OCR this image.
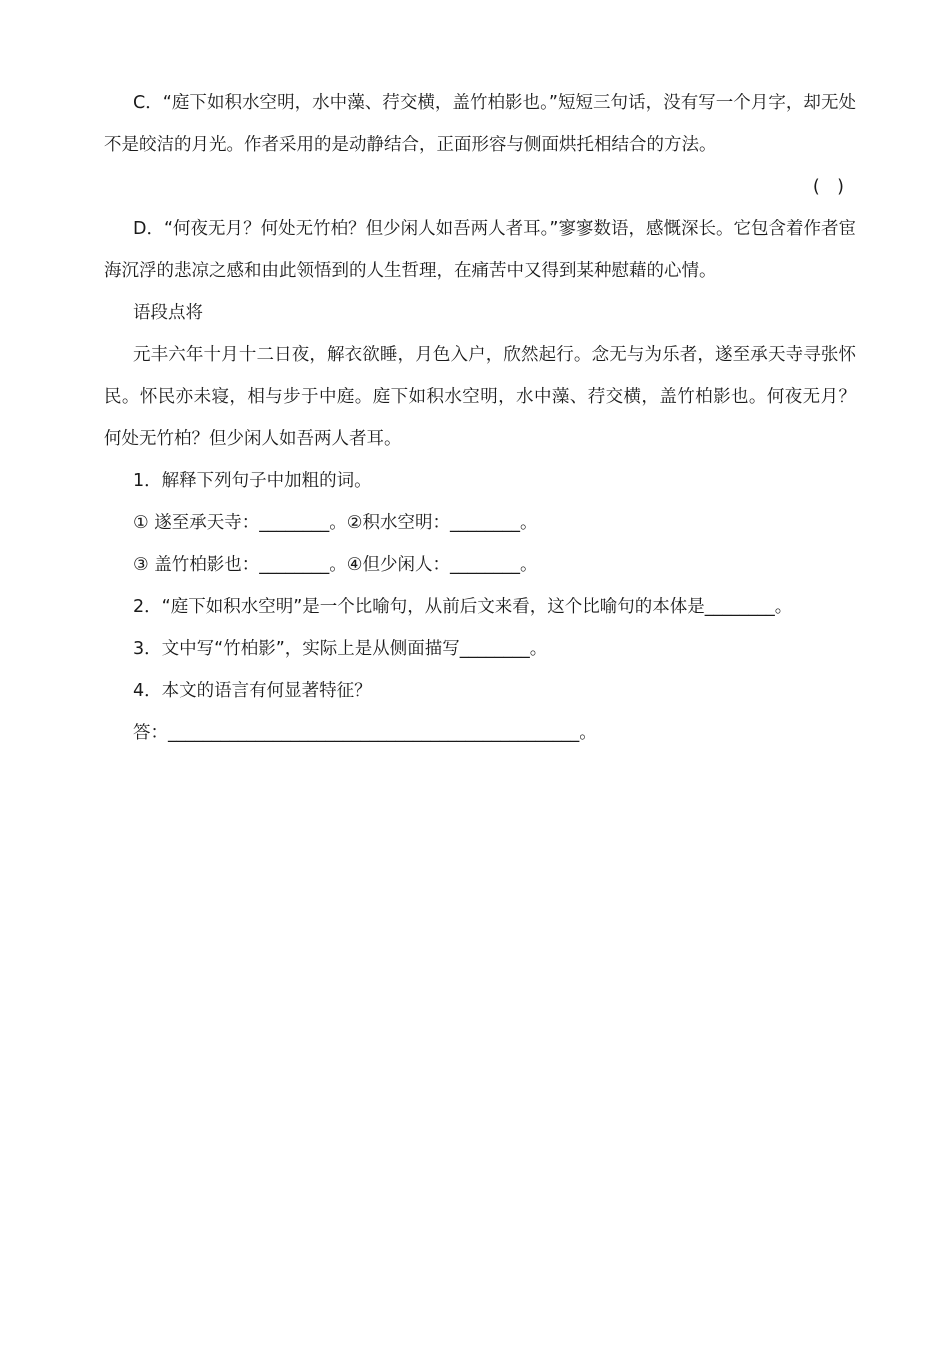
C．“庭下如积水空明，水中藻、荇交横，盖竹柏影也。”短短三句话，没有写一个月字，却无处不是皎洁的月光。作者采用的是动静结合，正面形容与侧面烘托相结合的方法。

(　)

D．“何夜无月？何处无竹柏？但少闲人如吾两人者耳。”寥寥数语，感慨深长。它包含着作者宦海沉浮的悲凉之感和由此领悟到的人生哲理，在痛苦中又得到某种慰藉的心情。

语段点将

元丰六年十月十二日夜，解衣欲睡，月色入户，欣然起行。念无与为乐者，遂至承天寺寻张怀民。怀民亦未寝，相与步于中庭。庭下如积水空明，水中藻、荇交横，盖竹柏影也。何夜无月？何处无竹柏？但少闲人如吾两人者耳。

1．解释下列句子中加粗的词。

① 遂至承天寺：________。②积水空明：________。

③ 盖竹柏影也：________。④但少闲人：________。

2．“庭下如积水空明”是一个比喻句，从前后文来看，这个比喻句的本体是________。

3．文中写“竹柏影”，实际上是从侧面描写________。

4．本文的语言有何显著特征？

答：_______________________________________________。
